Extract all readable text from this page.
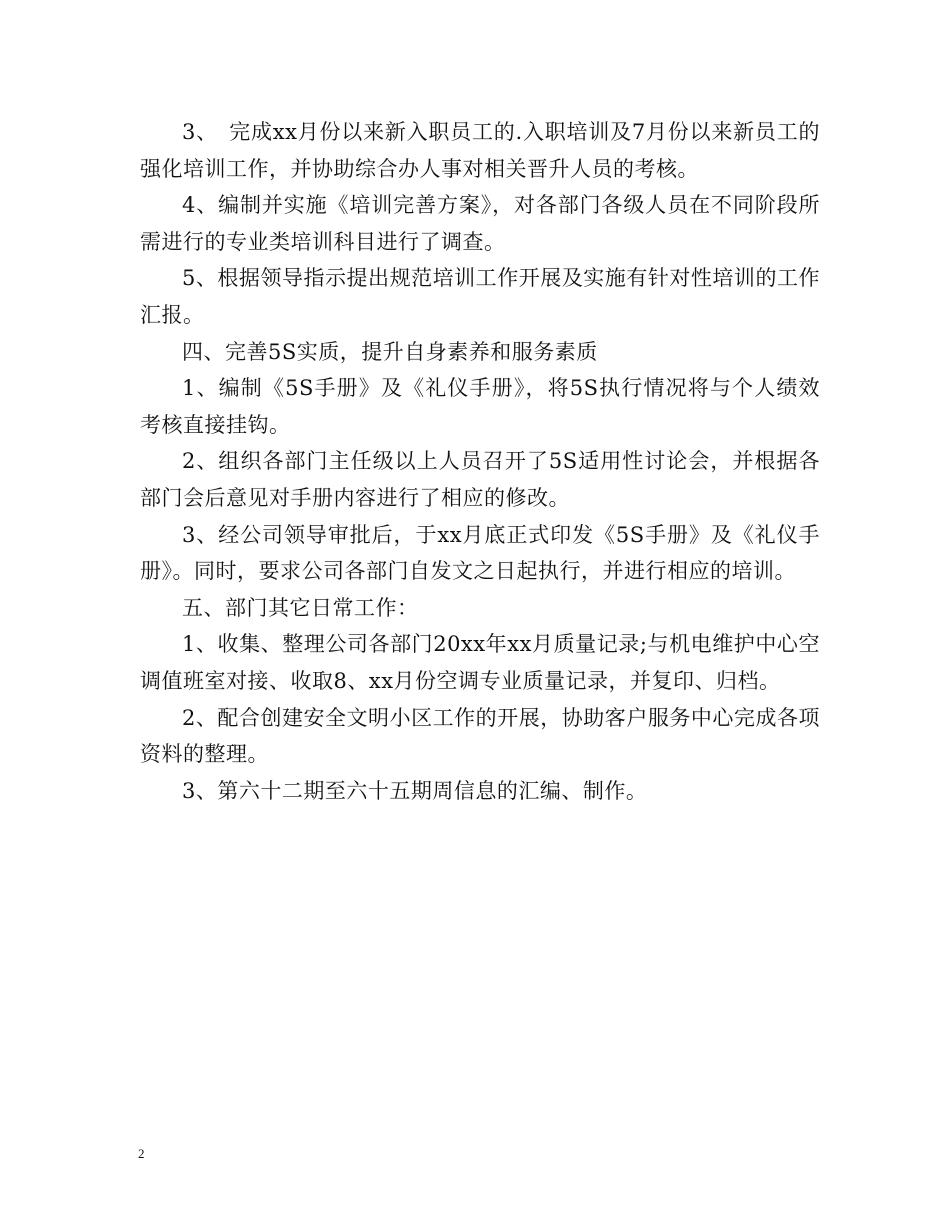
3、　完成xx月份以来新入职员工的.入职培训及7月份以来新员工的强化培训工作，并协助综合办人事对相关晋升人员的考核。

4、编制并实施《培训完善方案》，对各部门各级人员在不同阶段所需进行的专业类培训科目进行了调查。

5、根据领导指示提出规范培训工作开展及实施有针对性培训的工作汇报。

四、完善5S实质，提升自身素养和服务素质

1、编制《5S手册》及《礼仪手册》，将5S执行情况将与个人绩效考核直接挂钩。

2、组织各部门主任级以上人员召开了5S适用性讨论会，并根据各部门会后意见对手册内容进行了相应的修改。

3、经公司领导审批后，于xx月底正式印发《5S手册》及《礼仪手册》。同时，要求公司各部门自发文之日起执行，并进行相应的培训。

五、部门其它日常工作：

1、收集、整理公司各部门20xx年xx月质量记录;与机电维护中心空调值班室对接、收取8、xx月份空调专业质量记录，并复印、归档。

2、配合创建安全文明小区工作的开展，协助客户服务中心完成各项资料的整理。

3、第六十二期至六十五期周信息的汇编、制作。

2
